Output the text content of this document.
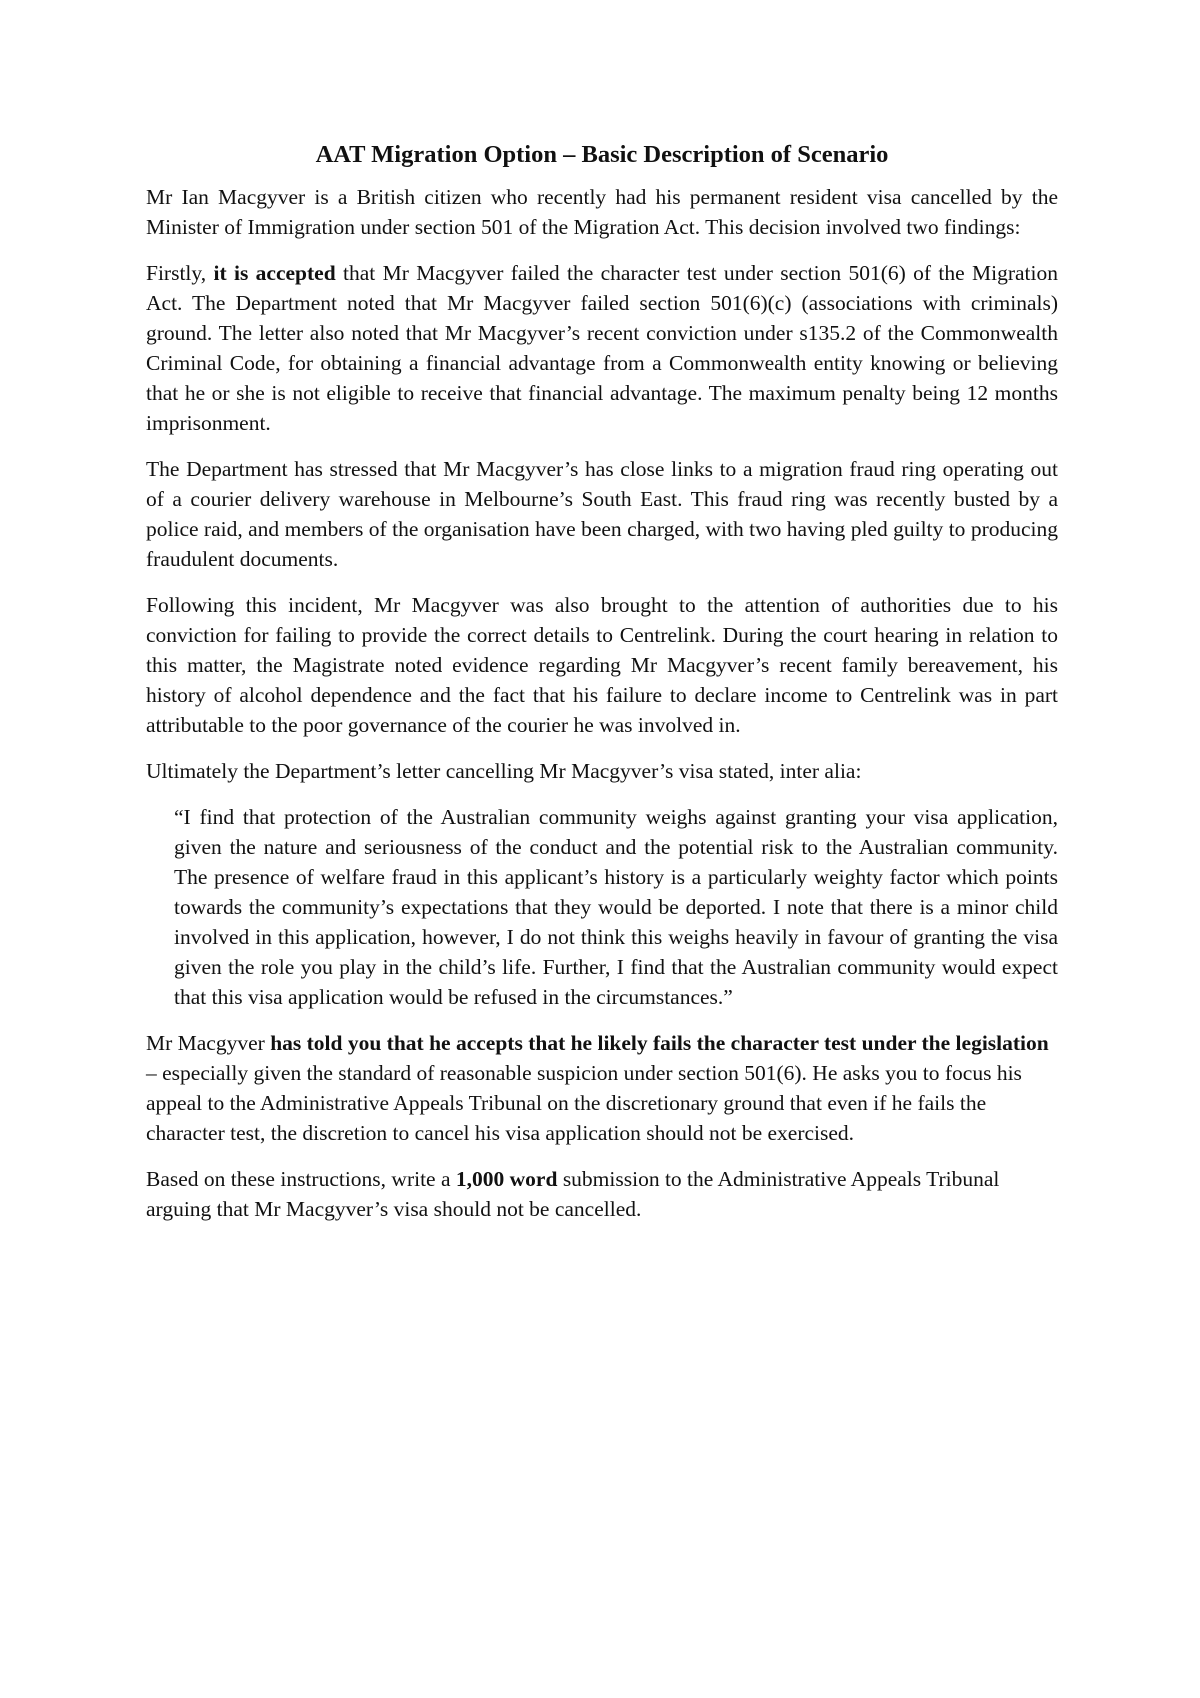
AAT Migration Option – Basic Description of Scenario

Mr Ian Macgyver is a British citizen who recently had his permanent resident visa cancelled by the Minister of Immigration under section 501 of the Migration Act. This decision involved two findings:

Firstly, it is accepted that Mr Macgyver failed the character test under section 501(6) of the Migration Act. The Department noted that Mr Macgyver failed section 501(6)(c) (associations with criminals) ground. The letter also noted that Mr Macgyver’s recent conviction under s135.2 of the Commonwealth Criminal Code, for obtaining a financial advantage from a Commonwealth entity knowing or believing that he or she is not eligible to receive that financial advantage. The maximum penalty being 12 months imprisonment.

The Department has stressed that Mr Macgyver’s has close links to a migration fraud ring operating out of a courier delivery warehouse in Melbourne’s South East. This fraud ring was recently busted by a police raid, and members of the organisation have been charged, with two having pled guilty to producing fraudulent documents.

Following this incident, Mr Macgyver was also brought to the attention of authorities due to his conviction for failing to provide the correct details to Centrelink. During the court hearing in relation to this matter, the Magistrate noted evidence regarding Mr Macgyver’s recent family bereavement, his history of alcohol dependence and the fact that his failure to declare income to Centrelink was in part attributable to the poor governance of the courier he was involved in.

Ultimately the Department’s letter cancelling Mr Macgyver’s visa stated, inter alia:

“I find that protection of the Australian community weighs against granting your visa application, given the nature and seriousness of the conduct and the potential risk to the Australian community. The presence of welfare fraud in this applicant’s history is a particularly weighty factor which points towards the community’s expectations that they would be deported. I note that there is a minor child involved in this application, however, I do not think this weighs heavily in favour of granting the visa given the role you play in the child’s life. Further, I find that the Australian community would expect that this visa application would be refused in the circumstances.”

Mr Macgyver has told you that he accepts that he likely fails the character test under the legislation – especially given the standard of reasonable suspicion under section 501(6). He asks you to focus his appeal to the Administrative Appeals Tribunal on the discretionary ground that even if he fails the character test, the discretion to cancel his visa application should not be exercised.

Based on these instructions, write a 1,000 word submission to the Administrative Appeals Tribunal arguing that Mr Macgyver’s visa should not be cancelled.
